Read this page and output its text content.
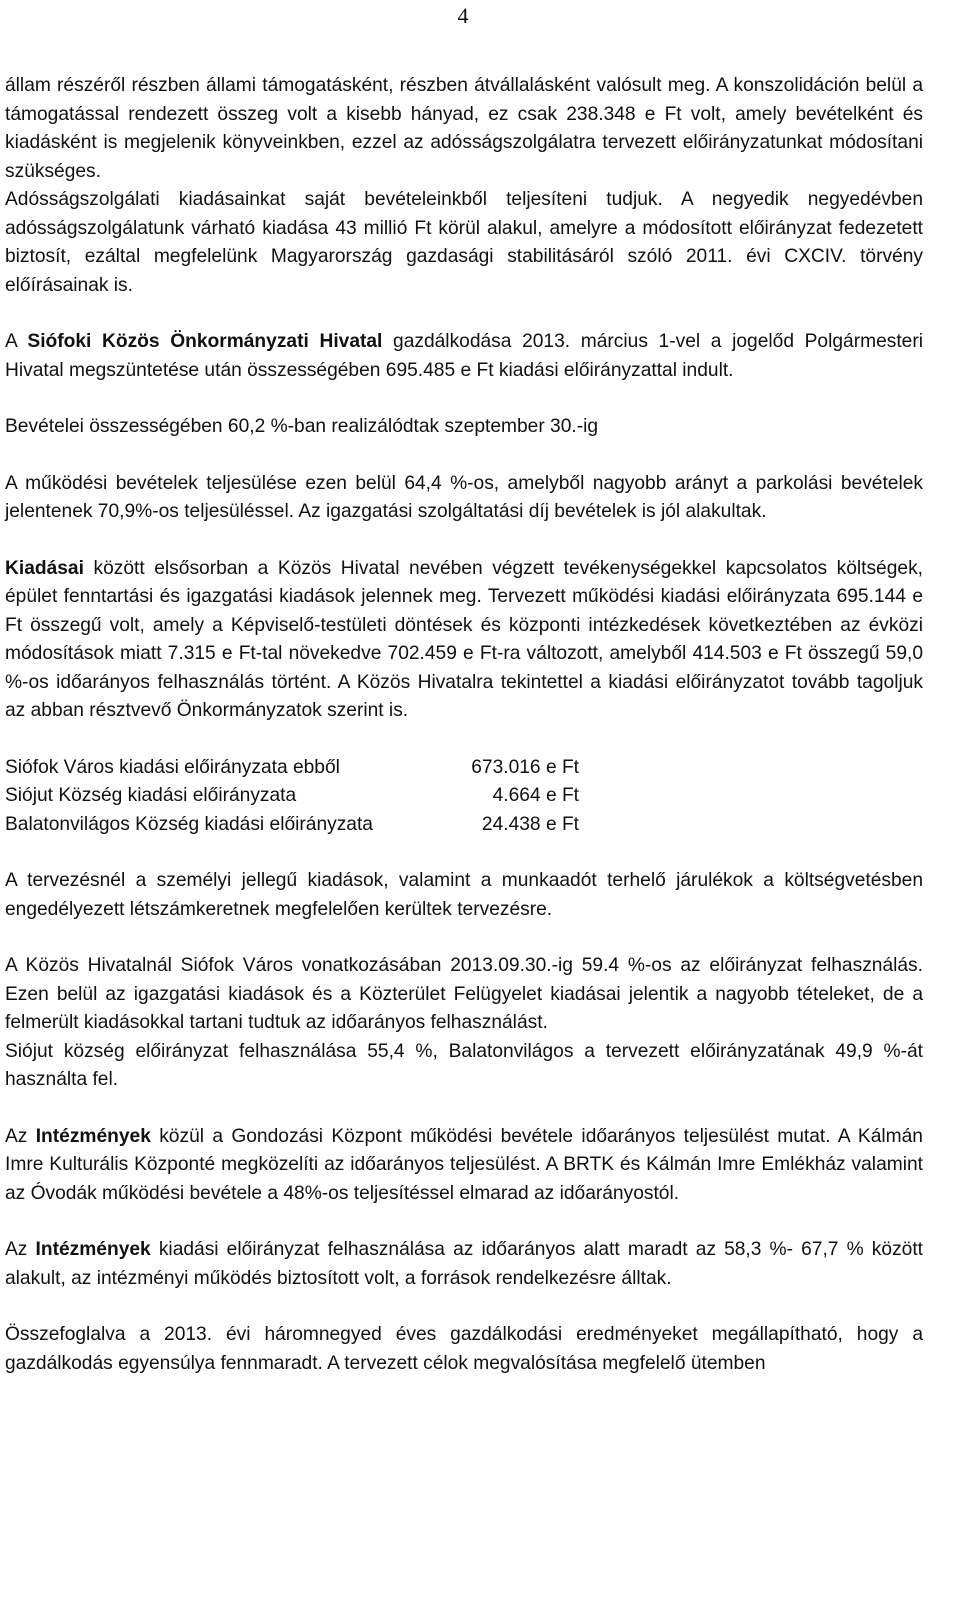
4

állam részéről részben állami támogatásként, részben átvállalásként valósult meg. A konszolidáción belül a támogatással rendezett összeg volt a kisebb hányad, ez csak 238.348 e Ft volt, amely bevételként és kiadásként is megjelenik könyveinkben, ezzel az adósságszolgálatra tervezett előirányzatunkat módosítani szükséges.

Adósságszolgálati kiadásainkat saját bevételeinkből teljesíteni tudjuk. A negyedik negyedévben adósságszolgálatunk várható kiadása 43 millió Ft körül alakul, amelyre a módosított előirányzat fedezetett biztosít, ezáltal megfelelünk Magyarország gazdasági stabilitásáról szóló 2011. évi CXCIV. törvény előírásainak is.

A Siófoki Közös Önkormányzati Hivatal gazdálkodása 2013. március 1-vel a jogelőd Polgármesteri Hivatal megszüntetése után összességében 695.485 e Ft kiadási előirányzattal indult.

Bevételei összességében 60,2 %-ban realizálódtak szeptember 30.-ig

A működési bevételek teljesülése ezen belül 64,4 %-os, amelyből nagyobb arányt a parkolási bevételek jelentenek 70,9%-os teljesüléssel. Az igazgatási szolgáltatási díj bevételek is jól alakultak.

Kiadásai között elsősorban a Közös Hivatal nevében végzett tevékenységekkel kapcsolatos költségek, épület fenntartási és igazgatási kiadások jelennek meg. Tervezett működési kiadási előirányzata 695.144 e Ft összegű volt, amely a Képviselő-testületi döntések és központi intézkedések következtében az évközi módosítások miatt 7.315 e Ft-tal növekedve 702.459 e Ft-ra változott, amelyből 414.503 e Ft összegű 59,0 %-os időarányos felhasználás történt. A Közös Hivatalra tekintettel a kiadási előirányzatot tovább tagoljuk az abban résztvevő Önkormányzatok szerint is.

Siófok Város kiadási előirányzata ebből	673.016 e Ft
Siójut Község kiadási előirányzata	4.664 e Ft
Balatonvilágos Község kiadási előirányzata	24.438 e Ft

A tervezésnél a személyi jellegű kiadások, valamint a munkaadót terhelő járulékok a költségvetésben engedélyezett létszámkeretnek megfelelően kerültek tervezésre.

A Közös Hivatalnál Siófok Város vonatkozásában 2013.09.30.-ig 59.4 %-os az előirányzat felhasználás. Ezen belül az igazgatási kiadások és a Közterület Felügyelet kiadásai jelentik a nagyobb tételeket, de a felmerült kiadásokkal tartani tudtuk az időarányos felhasználást.

Siójut község előirányzat felhasználása 55,4 %, Balatonvilágos a tervezett előirányzatának 49,9 %-át használta fel.

Az Intézmények közül a Gondozási Központ működési bevétele időarányos teljesülést mutat. A Kálmán Imre Kulturális Központé megközelíti az időarányos teljesülést. A BRTK és Kálmán Imre Emlékház valamint az Óvodák működési bevétele a 48%-os teljesítéssel elmarad az időarányostól.

Az Intézmények kiadási előirányzat felhasználása az időarányos alatt maradt az 58,3 %- 67,7 % között alakult, az intézményi működés biztosított volt, a források rendelkezésre álltak.

Összefoglalva a 2013. évi háromnegyed éves gazdálkodási eredményeket megállapítható, hogy a gazdálkodás egyensúlya fennmaradt. A tervezett célok megvalósítása megfelelő ütemben
